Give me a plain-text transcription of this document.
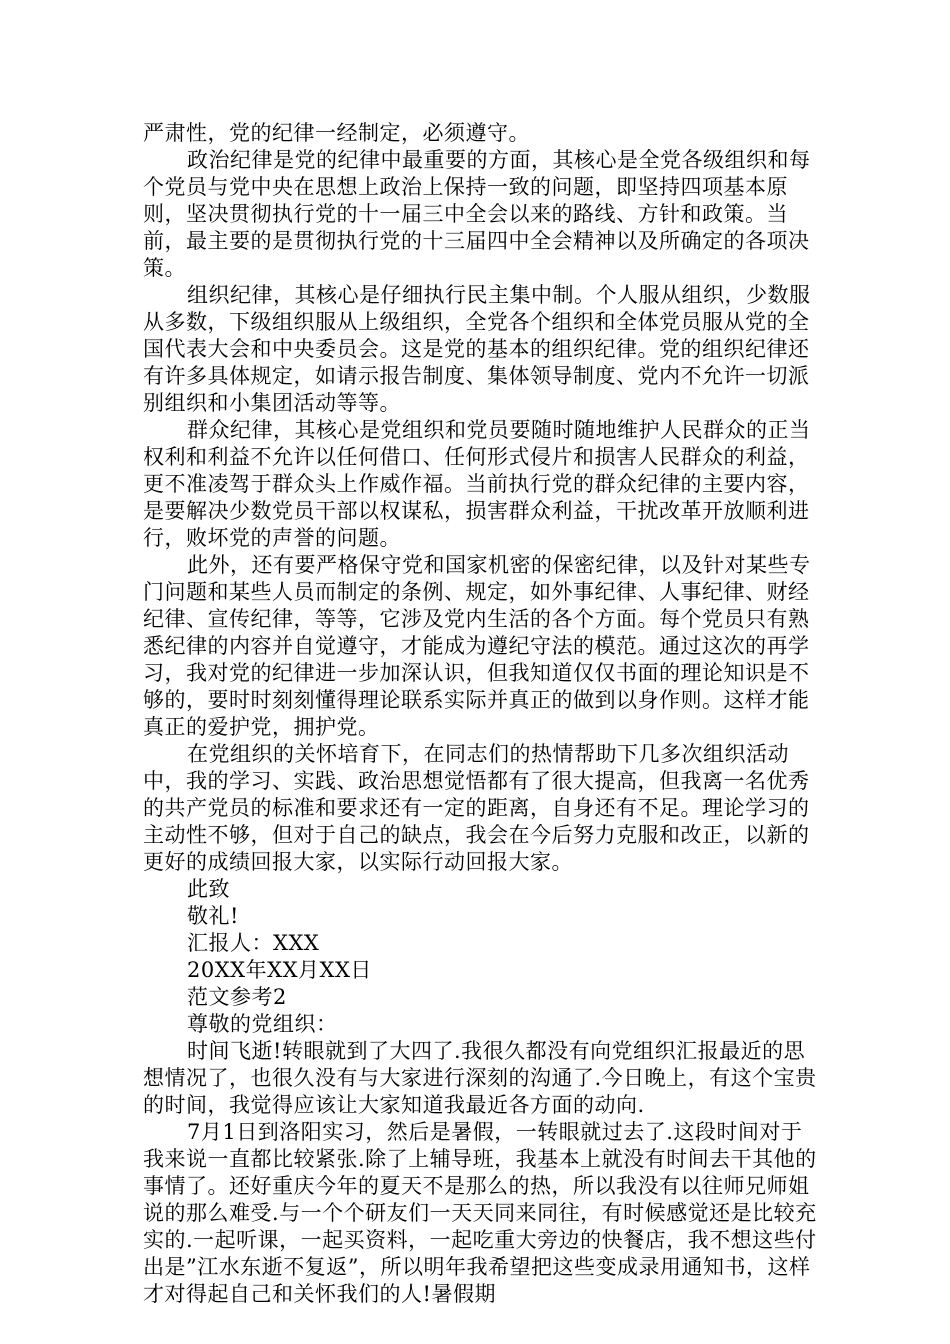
严肃性，党的纪律一经制定，必须遵守。

政治纪律是党的纪律中最重要的方面，其核心是全党各级组织和每个党员与党中央在思想上政治上保持一致的问题，即坚持四项基本原则，坚决贯彻执行党的十一届三中全会以来的路线、方针和政策。当前，最主要的是贯彻执行党的十三届四中全会精神以及所确定的各项决策。

组织纪律，其核心是仔细执行民主集中制。个人服从组织，少数服从多数，下级组织服从上级组织，全党各个组织和全体党员服从党的全国代表大会和中央委员会。这是党的基本的组织纪律。党的组织纪律还有许多具体规定，如请示报告制度、集体领导制度、党内不允许一切派别组织和小集团活动等等。

群众纪律，其核心是党组织和党员要随时随地维护人民群众的正当权利和利益不允许以任何借口、任何形式侵片和损害人民群众的利益，更不准凌驾于群众头上作威作福。当前执行党的群众纪律的主要内容，是要解决少数党员干部以权谋私，损害群众利益，干扰改革开放顺利进行，败坏党的声誉的问题。

此外，还有要严格保守党和国家机密的保密纪律，以及针对某些专门问题和某些人员而制定的条例、规定，如外事纪律、人事纪律、财经纪律、宣传纪律，等等，它涉及党内生活的各个方面。每个党员只有熟悉纪律的内容并自觉遵守，才能成为遵纪守法的模范。通过这次的再学习，我对党的纪律进一步加深认识，但我知道仅仅书面的理论知识是不够的，要时时刻刻懂得理论联系实际并真正的做到以身作则。这样才能真正的爱护党，拥护党。

在党组织的关怀培育下，在同志们的热情帮助下几多次组织活动中，我的学习、实践、政治思想觉悟都有了很大提高，但我离一名优秀的共产党员的标准和要求还有一定的距离，自身还有不足。理论学习的主动性不够，但对于自己的缺点，我会在今后努力克服和改正，以新的更好的成绩回报大家，以实际行动回报大家。

此致

敬礼!

汇报人：XXX

20XX年XX月XX日

范文参考2

尊敬的党组织：

时间飞逝!转眼就到了大四了.我很久都没有向党组织汇报最近的思想情况了，也很久没有与大家进行深刻的沟通了.今日晚上，有这个宝贵的时间，我觉得应该让大家知道我最近各方面的动向.

7月1日到洛阳实习，然后是暑假，一转眼就过去了.这段时间对于我来说一直都比较紧张.除了上辅导班，我基本上就没有时间去干其他的事情了。还好重庆今年的夏天不是那么的热，所以我没有以往师兄师姐说的那么难受.与一个个研友们一天天同来同往，有时候感觉还是比较充实的.一起听课，一起买资料，一起吃重大旁边的快餐店，我不想这些付出是”江水东逝不复返”，所以明年我希望把这些变成录用通知书，这样才对得起自己和关怀我们的人!暑假期
